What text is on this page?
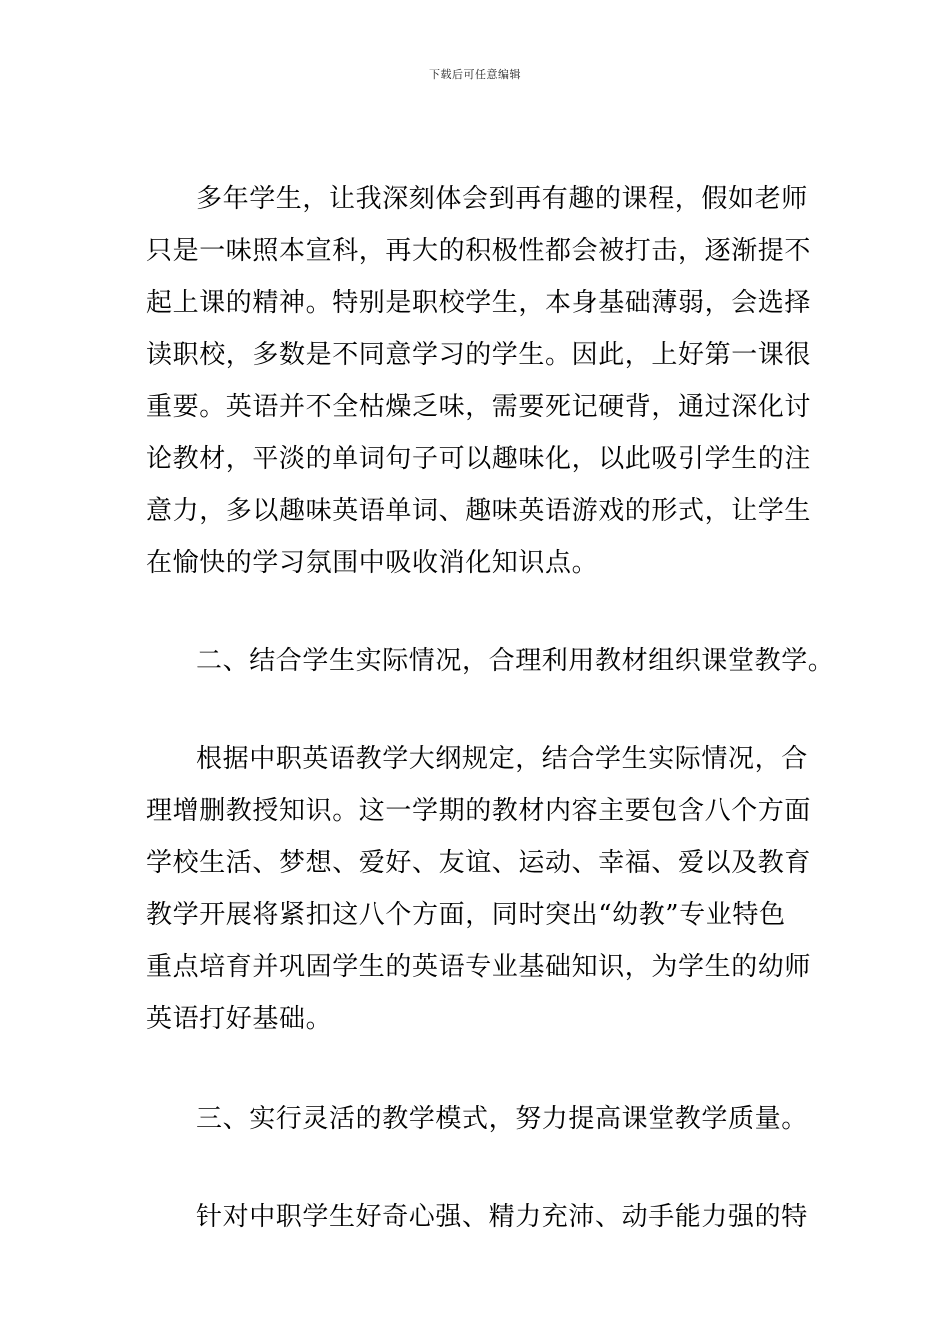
下载后可任意编辑
多年学生，让我深刻体会到再有趣的课程，假如老师
只是一味照本宣科，再大的积极性都会被打击，逐渐提不
起上课的精神。特别是职校学生，本身基础薄弱，会选择
读职校，多数是不同意学习的学生。因此，上好第一课很
重要。英语并不全枯燥乏味，需要死记硬背，通过深化讨
论教材，平淡的单词句子可以趣味化，以此吸引学生的注
意力，多以趣味英语单词、趣味英语游戏的形式，让学生
在愉快的学习氛围中吸收消化知识点。
二、结合学生实际情况，合理利用教材组织课堂教学。
根据中职英语教学大纲规定，结合学生实际情况，合
理增删教授知识。这一学期的教材内容主要包含八个方面
学校生活、梦想、爱好、友谊、运动、幸福、爱以及教育
教学开展将紧扣这八个方面，同时突出“幼教”专业特色
重点培育并巩固学生的英语专业基础知识，为学生的幼师
英语打好基础。
三、实行灵活的教学模式，努力提高课堂教学质量。
针对中职学生好奇心强、精力充沛、动手能力强的特
